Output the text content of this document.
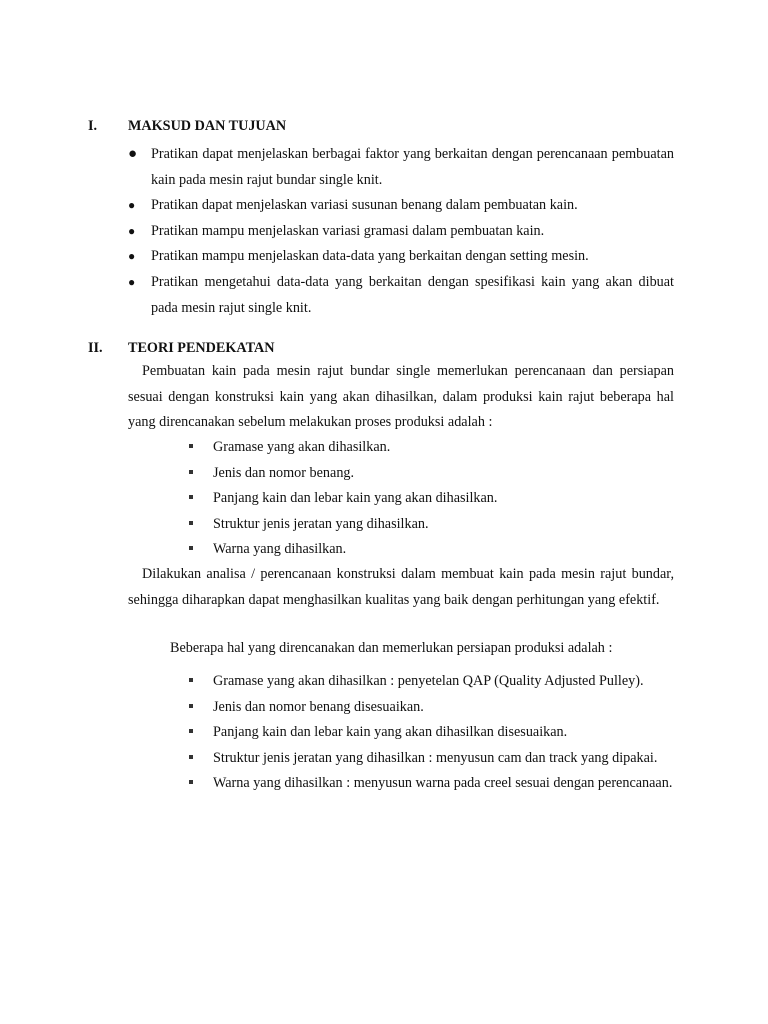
I. MAKSUD DAN TUJUAN
● Pratikan dapat menjelaskan berbagai faktor yang berkaitan dengan perencanaan pembuatan kain pada mesin rajut bundar single knit.
● Pratikan dapat menjelaskan variasi susunan benang dalam pembuatan kain.
● Pratikan mampu menjelaskan variasi gramasi dalam pembuatan kain.
● Pratikan mampu menjelaskan data-data yang berkaitan dengan setting mesin.
● Pratikan mengetahui data-data yang berkaitan dengan spesifikasi kain yang akan dibuat pada mesin rajut single knit.
II. TEORI PENDEKATAN

Pembuatan kain pada mesin rajut bundar single memerlukan perencanaan dan persiapan sesuai dengan konstruksi kain yang akan dihasilkan, dalam produksi kain rajut beberapa hal yang direncanakan sebelum melakukan proses produksi adalah :

Gramase yang akan dihasilkan.
Jenis dan nomor benang.
Panjang kain dan lebar kain yang akan dihasilkan.
Struktur jenis jeratan yang dihasilkan.
Warna yang dihasilkan.

Dilakukan analisa / perencanaan konstruksi dalam membuat kain pada mesin rajut bundar, sehingga diharapkan dapat menghasilkan kualitas yang baik dengan perhitungan yang efektif.

Beberapa hal yang direncanakan dan memerlukan persiapan produksi adalah :

Gramase yang akan dihasilkan : penyetelan QAP (Quality Adjusted Pulley).
Jenis dan nomor benang disesuaikan.
Panjang kain dan lebar kain yang akan dihasilkan disesuaikan.
Struktur jenis jeratan yang dihasilkan : menyusun cam dan track yang dipakai.
Warna yang dihasilkan : menyusun warna pada creel sesuai dengan perencanaan.
